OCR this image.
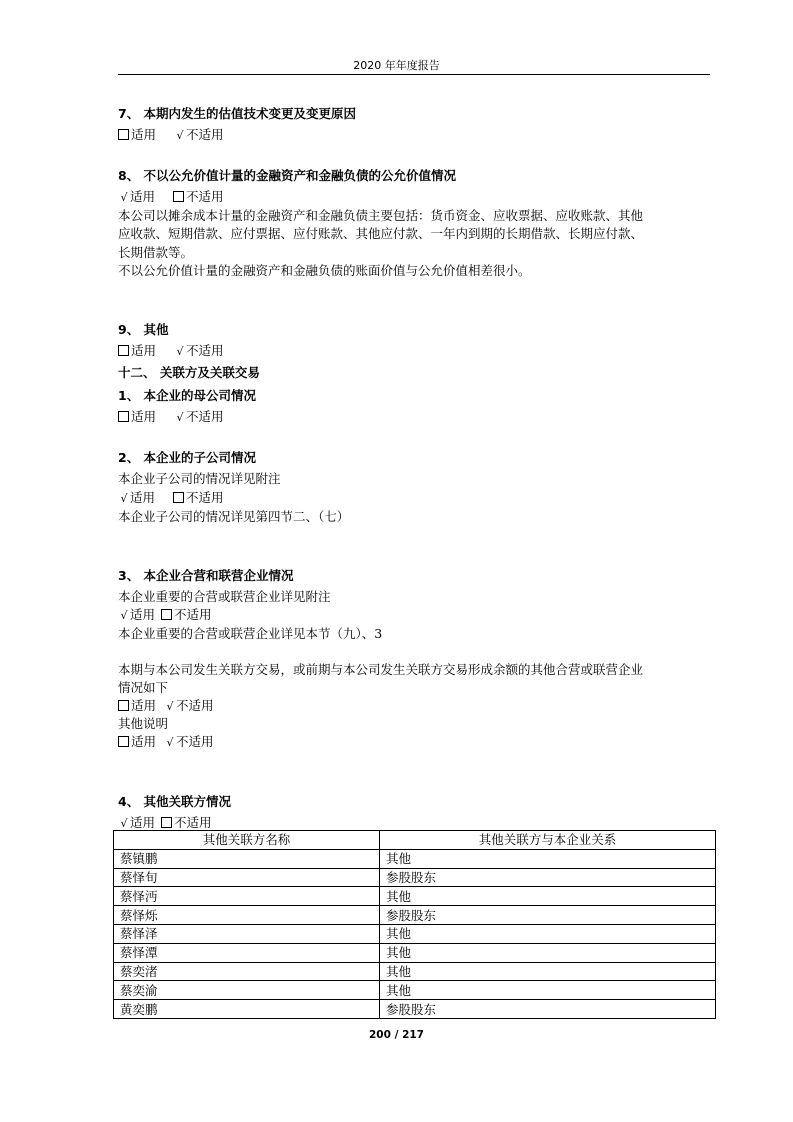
2020 年年度报告
7、 本期内发生的估值技术变更及变更原因
适用 √ 不适用
8、 不以公允价值计量的金融资产和金融负债的公允价值情况
√ 适用 不适用
本公司以摊余成本计量的金融资产和金融负债主要包括：货币资金、应收票据、应收账款、其他
应收款、短期借款、应付票据、应付账款、其他应付款、一年内到期的长期借款、长期应付款、
长期借款等。
不以公允价值计量的金融资产和金融负债的账面价值与公允价值相差很小。
9、 其他
适用 √ 不适用
十二、 关联方及关联交易
1、 本企业的母公司情况
适用 √ 不适用
2、 本企业的子公司情况
本企业子公司的情况详见附注
√ 适用 不适用
本企业子公司的情况详见第四节二、（七）
3、 本企业合营和联营企业情况
本企业重要的合营或联营企业详见附注
√ 适用 不适用
本企业重要的合营或联营企业详见本节（九）、3
本期与本公司发生关联方交易，或前期与本公司发生关联方交易形成余额的其他合营或联营企业
情况如下
适用 √ 不适用
其他说明
适用 √ 不适用
4、 其他关联方情况
√ 适用 不适用
其他关联方名称	其他关联方与本企业关系
蔡镇鹏	其他
蔡怿旬	参股股东
蔡怿沔	其他
蔡怿烁	参股股东
蔡怿泽	其他
蔡怿潭	其他
蔡奕渚	其他
蔡奕渝	其他
黄奕鹏	参股股东
200 / 217
